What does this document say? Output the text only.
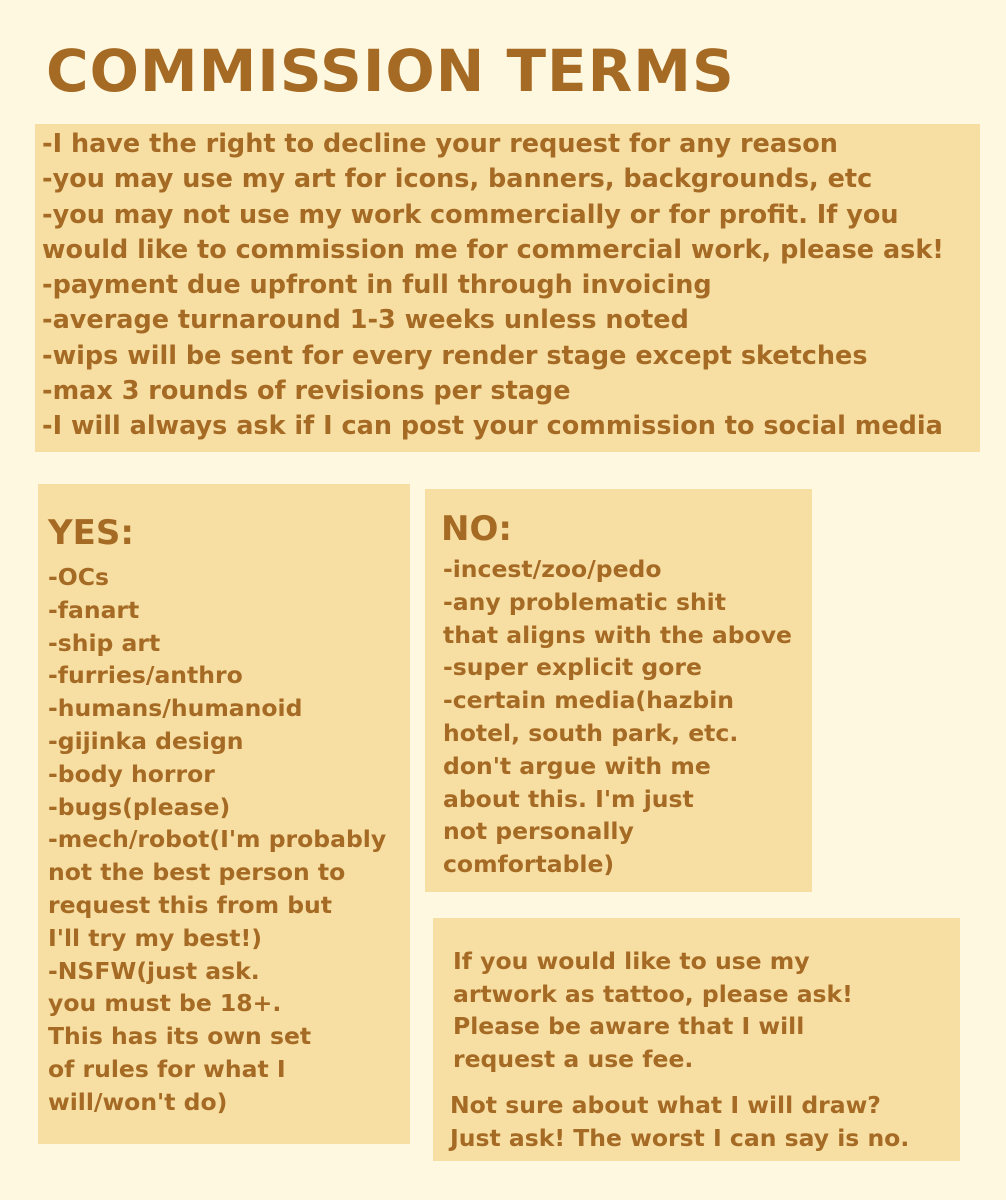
COMMISSION TERMS
-I have the right to decline your request for any reason
-you may use my art for icons, banners, backgrounds, etc
-you may not use my work commercially or for profit. If you
would like to commission me for commercial work, please ask!
-payment due upfront in full through invoicing
-average turnaround 1-3 weeks unless noted
-wips will be sent for every render stage except sketches
-max 3 rounds of revisions per stage
-I will always ask if I can post your commission to social media
YES:
-OCs
-fanart
-ship art
-furries/anthro
-humans/humanoid
-gijinka design
-body horror
-bugs(please)
-mech/robot(I'm probably
not the best person to
request this from but
I'll try my best!)
-NSFW(just ask.
you must be 18+.
This has its own set
of rules for what I
will/won't do)
NO:
-incest/zoo/pedo
-any problematic shit
that aligns with the above
-super explicit gore
-certain media(hazbin
hotel, south park, etc.
don't argue with me
about this. I'm just
not personally
comfortable)
If you would like to use my
artwork as tattoo, please ask!
Please be aware that I will
request a use fee.
Not sure about what I will draw?
Just ask! The worst I can say is no.
